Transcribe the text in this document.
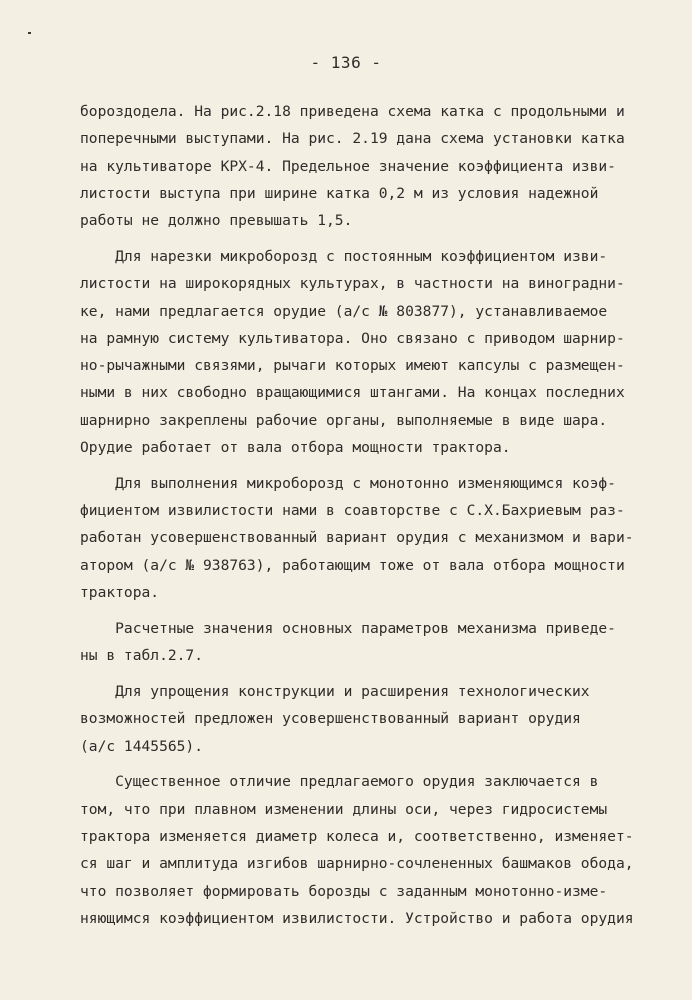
- 136 -
бороздодела. На рис.2.18 приведена схема катка с продольными и
поперечными выступами. На рис. 2.19 дана схема установки катка
на культиваторе КРХ-4. Предельное значение коэффициента изви-
листости выступа при ширине катка 0,2 м из условия надежной
работы не должно превышать 1,5.
Для нарезки микроборозд с постоянным коэффициентом изви-
листости на широкорядных культурах, в частности на виноградни-
ке, нами предлагается орудие (а/с № 803877), устанавливаемое
на рамную систему культиватора. Оно связано с приводом шарнир-
но-рычажными связями, рычаги которых имеют капсулы с размещен-
ными в них свободно вращающимися штангами. На концах последних
шарнирно закреплены рабочие органы, выполняемые в виде шара.
Орудие работает от вала отбора мощности трактора.
Для выполнения микроборозд с монотонно изменяющимся коэф-
фициентом извилистости нами в соавторстве с С.Х.Бахриевым раз-
работан усовершенствованный вариант орудия с механизмом и вари-
атором (а/с № 938763), работающим тоже от вала отбора мощности
трактора.
Расчетные значения основных параметров механизма приведе-
ны в табл.2.7.
Для упрощения конструкции и расширения технологических
возможностей предложен усовершенствованный вариант орудия
(а/с 1445565).
Существенное отличие предлагаемого орудия заключается в
том, что при плавном изменении длины оси, через гидросистемы
трактора изменяется диаметр колеса и, соответственно, изменяет-
ся шаг и амплитуда изгибов шарнирно-сочлененных башмаков обода,
что позволяет формировать борозды с заданным монотонно-изме-
няющимся коэффициентом извилистости. Устройство и работа орудия
